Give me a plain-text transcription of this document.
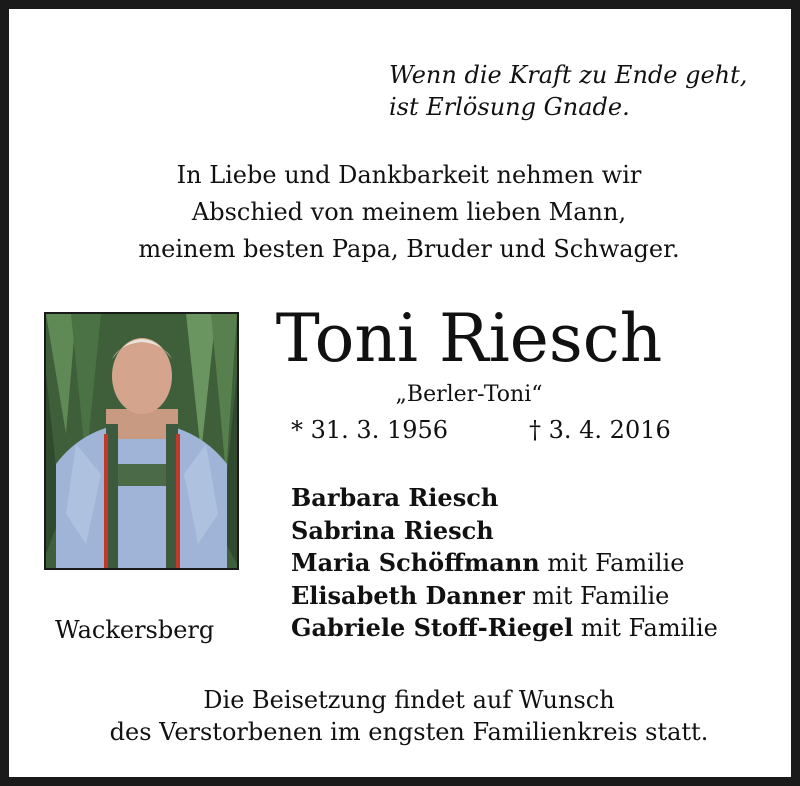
Wenn die Kraft zu Ende geht,
ist Erlösung Gnade.
In Liebe und Dankbarkeit nehmen wir
Abschied von meinem lieben Mann,
meinem besten Papa, Bruder und Schwager.
Toni Riesch
„Berler-Toni“
* 31. 3. 1956	† 3. 4. 2016
Barbara Riesch
Sabrina Riesch
Maria Schöffmann mit Familie
Elisabeth Danner mit Familie
Gabriele Stoff-Riegel mit Familie
Wackersberg
Die Beisetzung findet auf Wunsch
des Verstorbenen im engsten Familienkreis statt.
